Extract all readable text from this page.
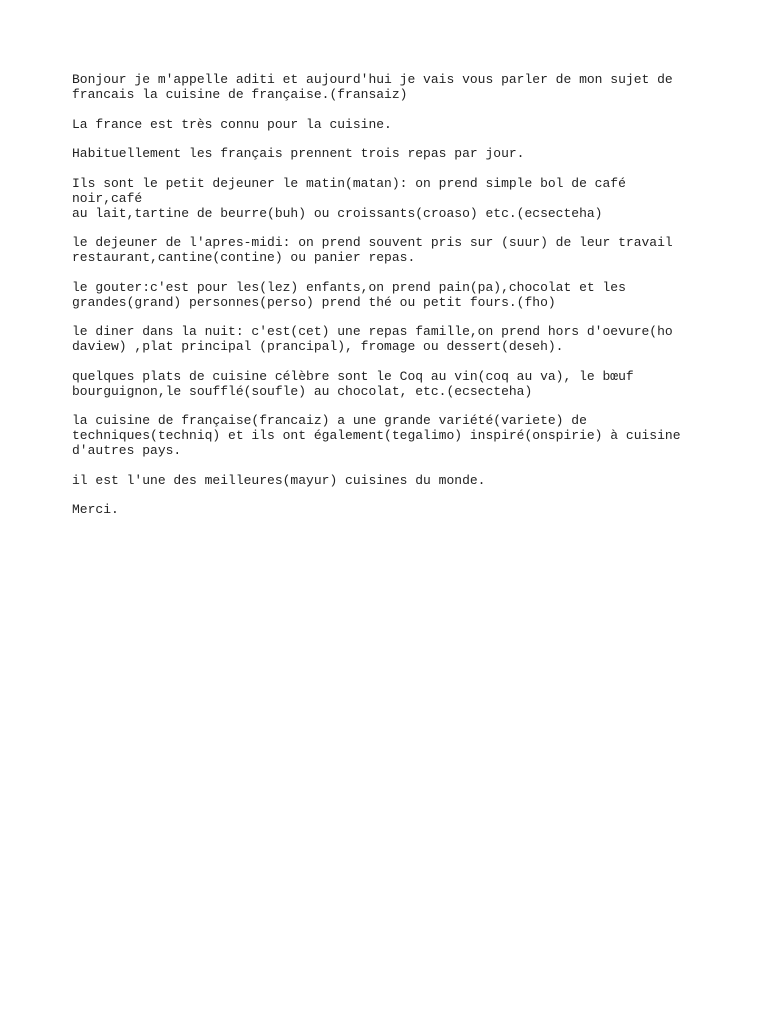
Bonjour je m'appelle aditi et aujourd'hui je vais vous parler de mon sujet de
francais la cuisine de française.(fransaiz)

La france est très connu pour la cuisine.

Habituellement les français prennent trois repas par jour.

Ils sont le petit dejeuner le matin(matan): on prend simple bol de café noir,café
au lait,tartine de beurre(buh) ou croissants(croaso) etc.(ecsecteha)

le dejeuner de l'apres-midi: on prend souvent pris sur (suur) de leur travail
restaurant,cantine(contine) ou panier repas.

le gouter:c'est pour les(lez) enfants,on prend pain(pa),chocolat et les
grandes(grand) personnes(perso) prend thé ou petit fours.(fho)

le diner dans la nuit: c'est(cet) une repas famille,on prend hors d'oevure(ho
daview) ,plat principal (prancipal), fromage ou dessert(deseh).

quelques plats de cuisine célèbre sont le Coq au vin(coq au va), le bœuf
bourguignon,le soufflé(soufle) au chocolat, etc.(ecsecteha)

la cuisine de française(francaiz) a une grande variété(variete) de
techniques(techniq) et ils ont également(tegalimo) inspiré(onspirie) à cuisine
d'autres pays.

il est l'une des meilleures(mayur) cuisines du monde.

Merci.
